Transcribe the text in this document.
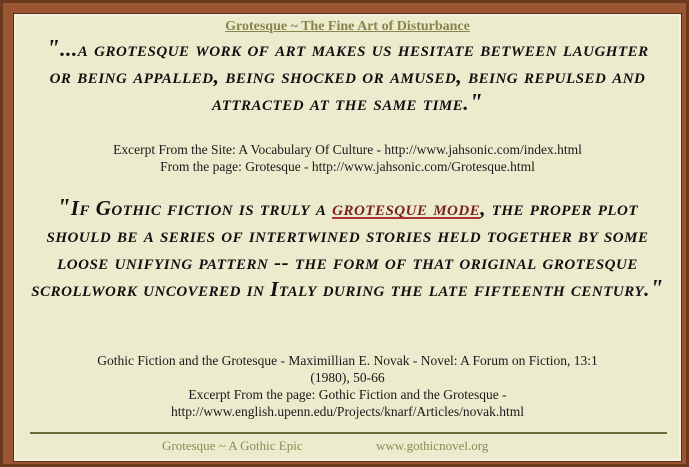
Grotesque ~ The Fine Art of Disturbance
"...a grotesque work of art makes us hesitate between laughter or being appalled, being shocked or amused, being repulsed and attracted at the same time."
Excerpt From the Site: A Vocabulary Of Culture - http://www.jahsonic.com/index.html
From the page: Grotesque - http://www.jahsonic.com/Grotesque.html
"If Gothic fiction is truly a grotesque mode, the proper plot should be a series of intertwined stories held together by some loose unifying pattern -- the form of that original grotesque scrollwork uncovered in Italy during the late fifteenth century."
Gothic Fiction and the Grotesque - Maximillian E. Novak - Novel: A Forum on Fiction, 13:1
(1980), 50-66
Excerpt From the page: Gothic Fiction and the Grotesque -
http://www.english.upenn.edu/Projects/knarf/Articles/novak.html
Grotesque ~ A Gothic Epic	www.gothicnovel.org
